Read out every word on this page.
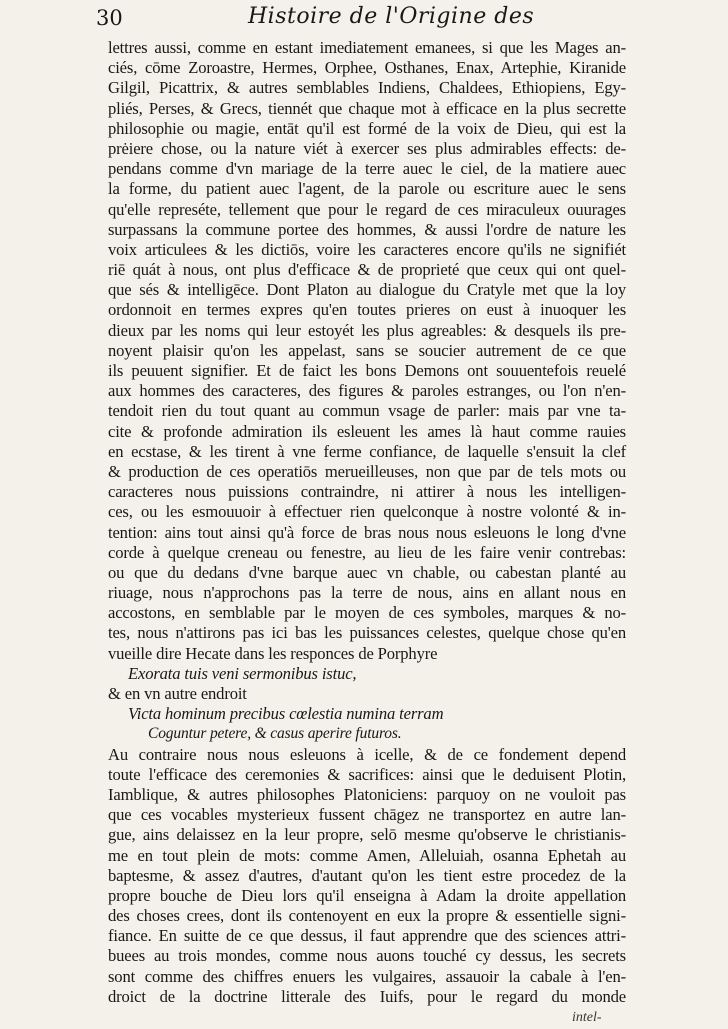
30	Histoire de l'Origine des
lettres aussi, comme en estant imediatement emanees, si que les Mages an-
ciés, cōme Zoroastre, Hermes, Orphee, Osthanes, Enax, Artephie, Kiranide
Gilgil, Picattrix, & autres semblables Indiens, Chaldees, Ethiopiens, Egy-
pliés, Perses, & Grecs, tiennét que chaque mot à efficace en la plus secrette
philosophie ou magie, entāt qu'il est formé de la voix de Dieu, qui est la
prėiere chose, ou la nature viét à exercer ses plus admirables effects: de-
pendans comme d'vn mariage de la terre auec le ciel, de la matiere auec
la forme, du patient auec l'agent, de la parole ou escriture auec le sens
qu'elle represéte, tellement que pour le regard de ces miraculeux ouurages
surpassans la commune portee des hommes, & aussi l'ordre de nature les
voix articulees & les dictiōs, voire les caracteres encore qu'ils ne signifiét
riē quát à nous, ont plus d'efficace & de proprieté que ceux qui ont quel-
que sés & intelligēce. Dont Platon au dialogue du Cratyle met que la loy
ordonnoit en termes expres qu'en toutes prieres on eust à inuoquer les
dieux par les noms qui leur estoyét les plus agreables: & desquels ils pre-
noyent plaisir qu'on les appelast, sans se soucier autrement de ce que
ils peuuent signifier. Et de faict les bons Demons ont souuentefois reuelé
aux hommes des caracteres, des figures & paroles estranges, ou l'on n'en-
tendoit rien du tout quant au commun vsage de parler: mais par vne ta-
cite & profonde admiration ils esleuent les ames là haut comme rauies
en ecstase, & les tirent à vne ferme confiance, de laquelle s'ensuit la clef
& production de ces operatiōs merueilleuses, non que par de tels mots ou
caracteres nous puissions contraindre, ni attirer à nous les intelligen-
ces, ou les esmouuoir à effectuer rien quelconque à nostre volonté & in-
tention: ains tout ainsi qu'à force de bras nous nous esleuons le long d'vne
corde à quelque creneau ou fenestre, au lieu de les faire venir contrebas:
ou que du dedans d'vne barque auec vn chable, ou cabestan planté au
riuage, nous n'approchons pas la terre de nous, ains en allant nous en
accostons, en semblable par le moyen de ces symboles, marques & no-
tes, nous n'attirons pas ici bas les puissances celestes, quelque chose qu'en
vueille dire Hecate dans les responces de Porphyre
Exorata tuis veni sermonibus istuc,
& en vn autre endroit
Victa hominum precibus cœlestia numina terram
Coguntur petere, & casus aperire futuros.
Au contraire nous nous esleuons à icelle, & de ce fondement depend
toute l'efficace des ceremonies & sacrifices: ainsi que le deduisent Plotin,
Iamblique, & autres philosophes Platoniciens: parquoy on ne vouloit pas
que ces vocables mysterieux fussent chāgez ne transportez en autre lan-
gue, ains delaissez en la leur propre, selō mesme qu'observe le christianis-
me en tout plein de mots: comme Amen, Alleluiah, osanna Ephetah au
baptesme, & assez d'autres, d'autant qu'on les tient estre procedez de la
propre bouche de Dieu lors qu'il enseigna à Adam la droite appellation
des choses crees, dont ils contenoyent en eux la propre & essentielle signi-
fiance. En suitte de ce que dessus, il faut apprendre que des sciences attri-
buees au trois mondes, comme nous auons touché cy dessus, les secrets
sont comme des chiffres enuers les vulgaires, assauoir la cabale à l'en-
droict de la doctrine litterale des Iuifs, pour le regard du monde
intel-
